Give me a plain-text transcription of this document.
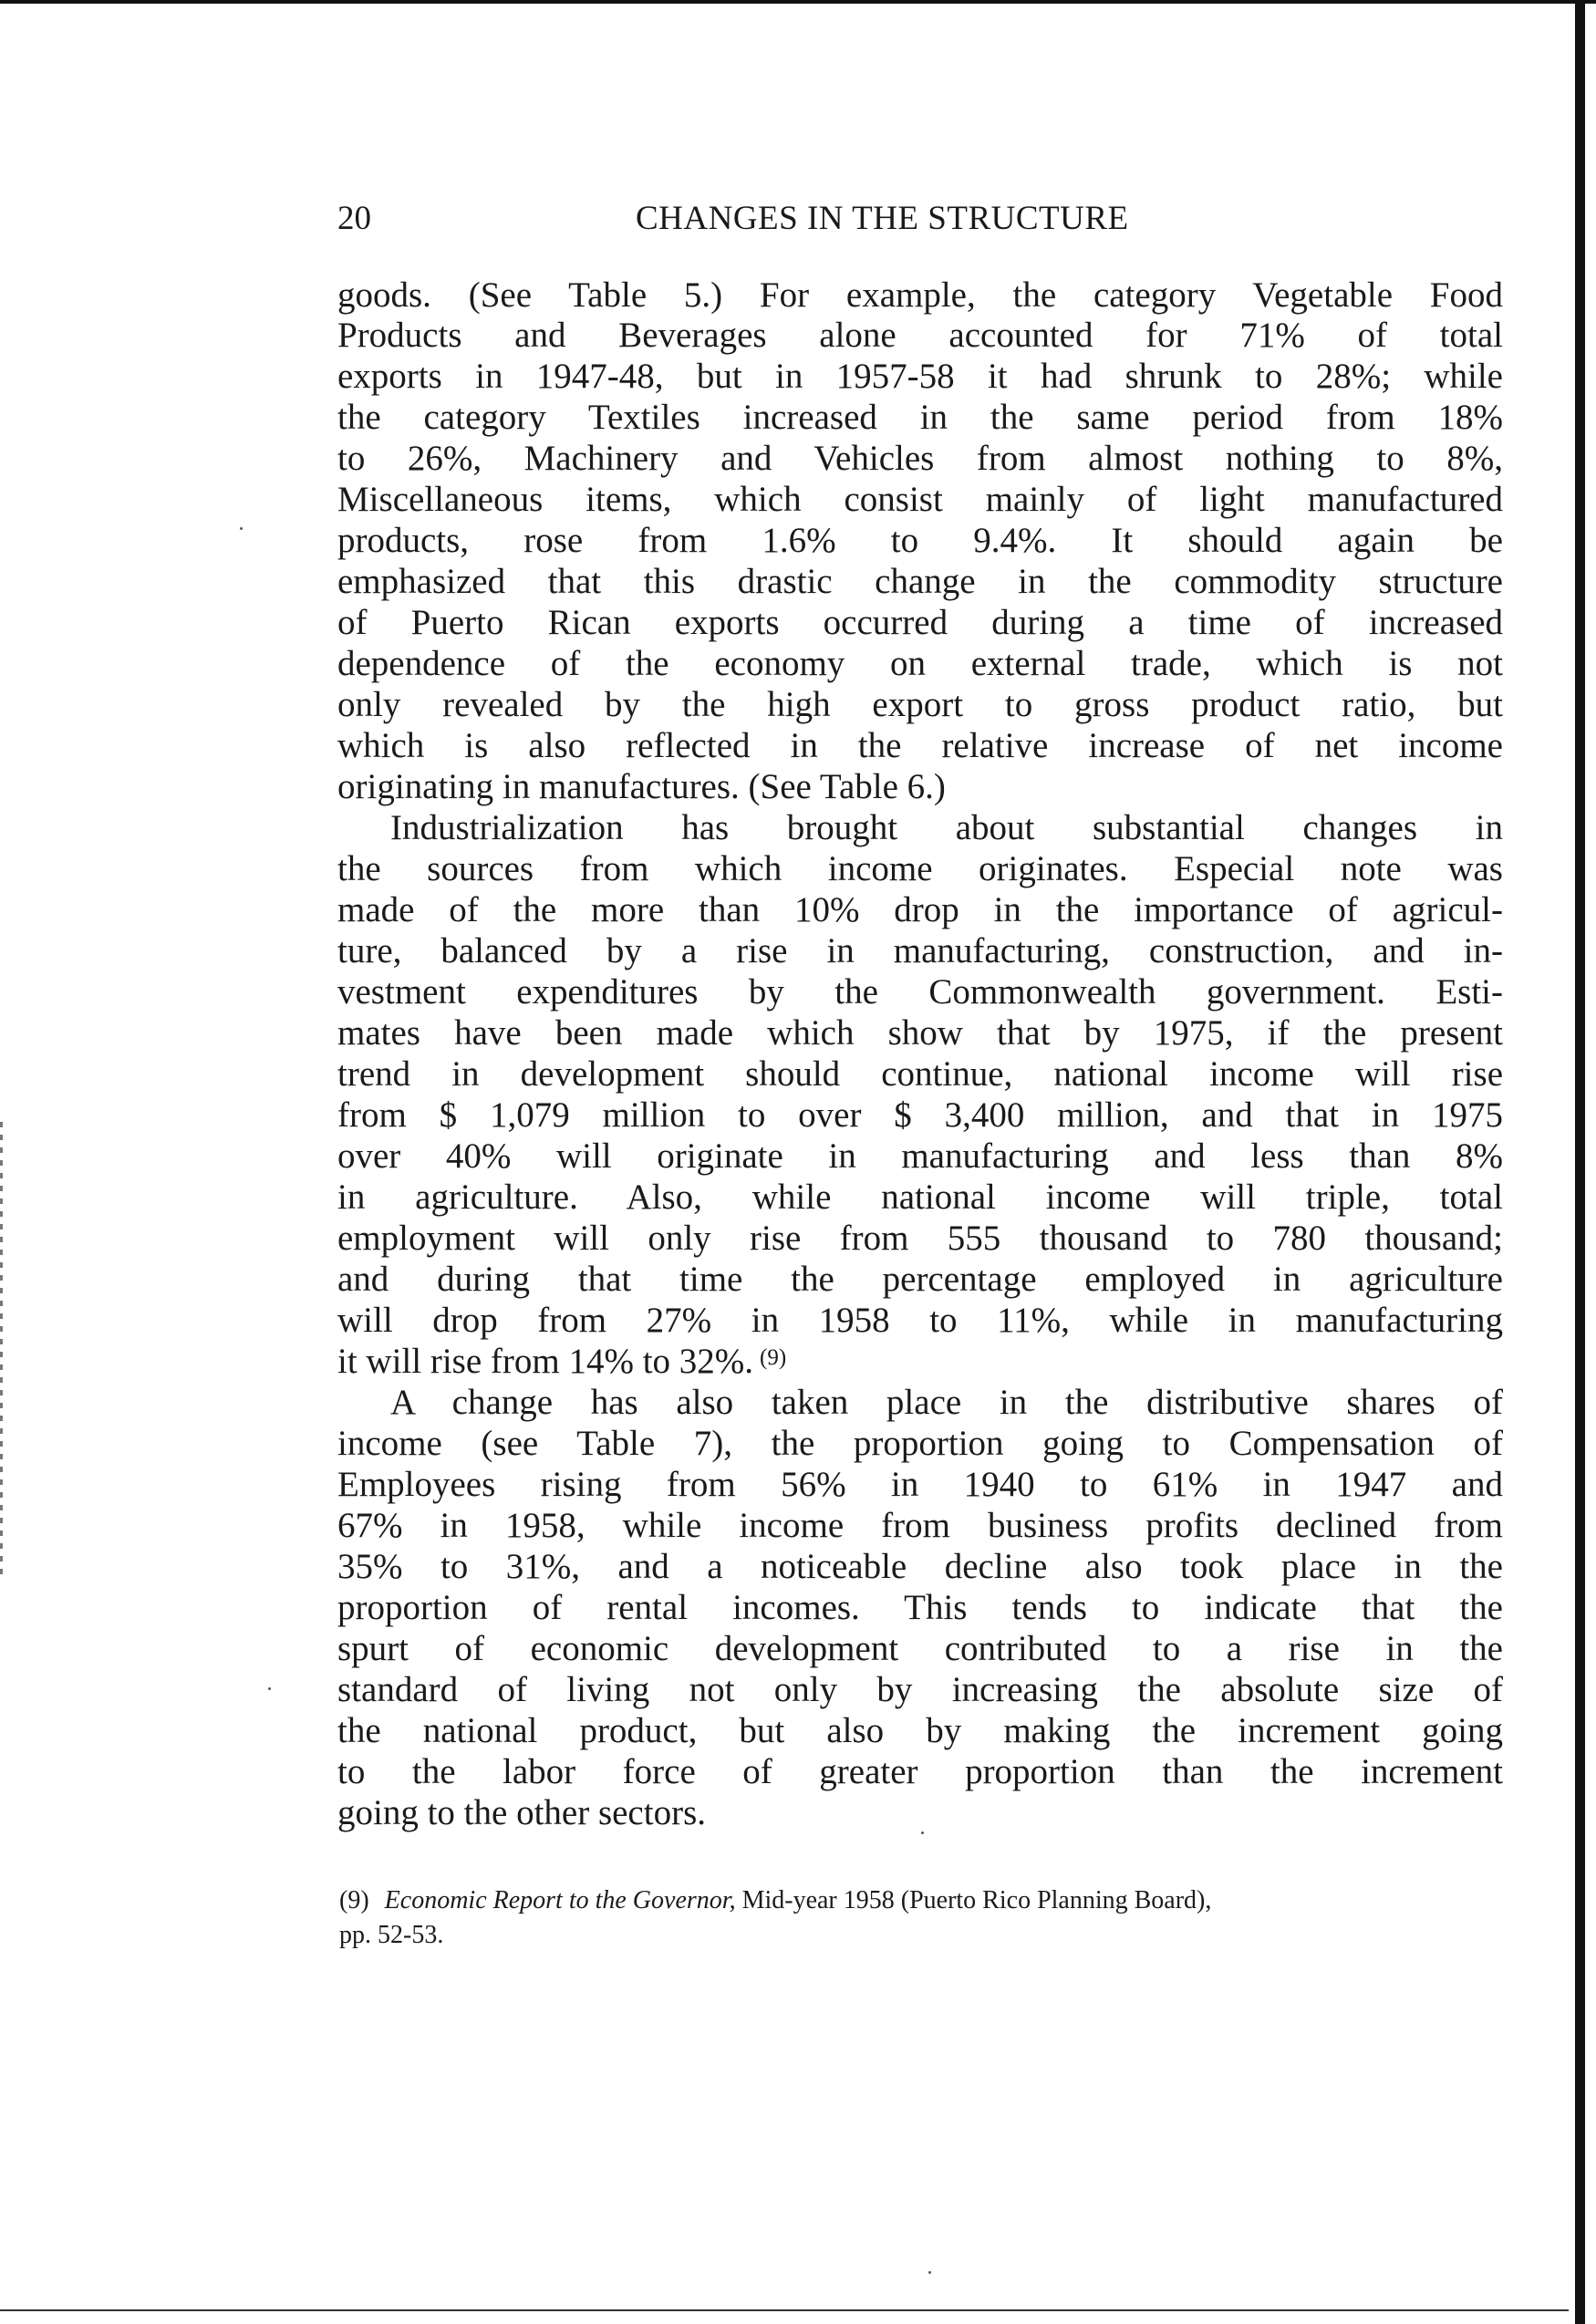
20	CHANGES IN THE STRUCTURE
goods. (See Table 5.) For example, the category Vegetable Food
Products and Beverages alone accounted for 71% of total
exports in 1947-48, but in 1957-58 it had shrunk to 28%; while
the category Textiles increased in the same period from 18%
to 26%, Machinery and Vehicles from almost nothing to 8%,
Miscellaneous items, which consist mainly of light manufactured
products, rose from 1.6% to 9.4%. It should again be
emphasized that this drastic change in the commodity structure
of Puerto Rican exports occurred during a time of increased
dependence of the economy on external trade, which is not
only revealed by the high export to gross product ratio, but
which is also reflected in the relative increase of net income
originating in manufactures. (See Table 6.)
Industrialization has brought about substantial changes in
the sources from which income originates. Especial note was
made of the more than 10% drop in the importance of agricul-
ture, balanced by a rise in manufacturing, construction, and in-
vestment expenditures by the Commonwealth government. Esti-
mates have been made which show that by 1975, if the present
trend in development should continue, national income will rise
from $ 1,079 million to over $ 3,400 million, and that in 1975
over 40% will originate in manufacturing and less than 8%
in agriculture. Also, while national income will triple, total
employment will only rise from 555 thousand to 780 thousand;
and during that time the percentage employed in agriculture
will drop from 27% in 1958 to 11%, while in manufacturing
it will rise from 14% to 32%. (9)
A change has also taken place in the distributive shares of
income (see Table 7), the proportion going to Compensation of
Employees rising from 56% in 1940 to 61% in 1947 and
67% in 1958, while income from business profits declined from
35% to 31%, and a noticeable decline also took place in the
proportion of rental incomes. This tends to indicate that the
spurt of economic development contributed to a rise in the
standard of living not only by increasing the absolute size of
the national product, but also by making the increment going
to the labor force of greater proportion than the increment
going to the other sectors.
(9) Economic Report to the Governor, Mid-year 1958 (Puerto Rico Planning Board),
pp. 52-53.
